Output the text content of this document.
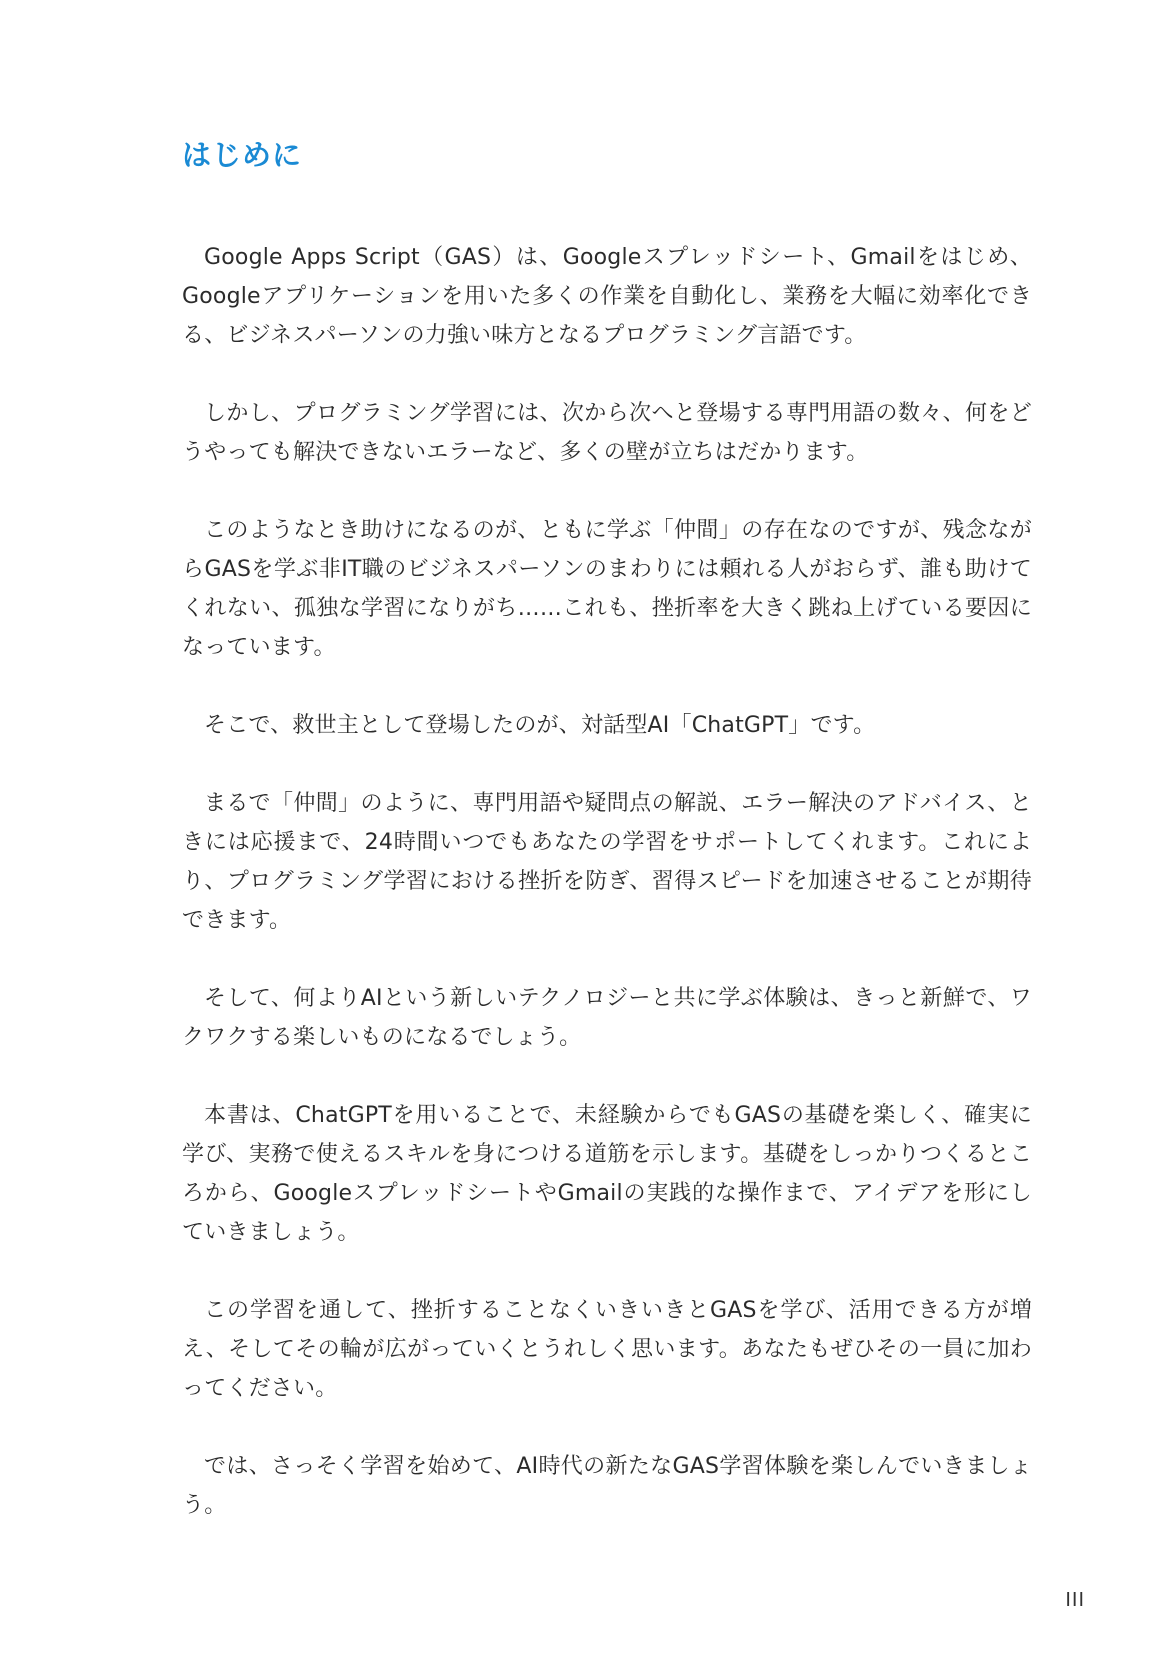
はじめに

Google Apps Script（GAS）は、Googleスプレッドシート、Gmailをはじめ、Googleアプリケーションを用いた多くの作業を自動化し、業務を大幅に効率化できる、ビジネスパーソンの力強い味方となるプログラミング言語です。

しかし、プログラミング学習には、次から次へと登場する専門用語の数々、何をどうやっても解決できないエラーなど、多くの壁が立ちはだかります。

このようなとき助けになるのが、ともに学ぶ「仲間」の存在なのですが、残念ながらGASを学ぶ非IT職のビジネスパーソンのまわりには頼れる人がおらず、誰も助けてくれない、孤独な学習になりがち……これも、挫折率を大きく跳ね上げている要因になっています。

そこで、救世主として登場したのが、対話型AI「ChatGPT」です。

まるで「仲間」のように、専門用語や疑問点の解説、エラー解決のアドバイス、ときには応援まで、24時間いつでもあなたの学習をサポートしてくれます。これにより、プログラミング学習における挫折を防ぎ、習得スピードを加速させることが期待できます。

そして、何よりAIという新しいテクノロジーと共に学ぶ体験は、きっと新鮮で、ワクワクする楽しいものになるでしょう。

本書は、ChatGPTを用いることで、未経験からでもGASの基礎を楽しく、確実に学び、実務で使えるスキルを身につける道筋を示します。基礎をしっかりつくるところから、GoogleスプレッドシートやGmailの実践的な操作まで、アイデアを形にしていきましょう。

この学習を通して、挫折することなくいきいきとGASを学び、活用できる方が増え、そしてその輪が広がっていくとうれしく思います。あなたもぜひその一員に加わってください。

では、さっそく学習を始めて、AI時代の新たなGAS学習体験を楽しんでいきましょう。

III
